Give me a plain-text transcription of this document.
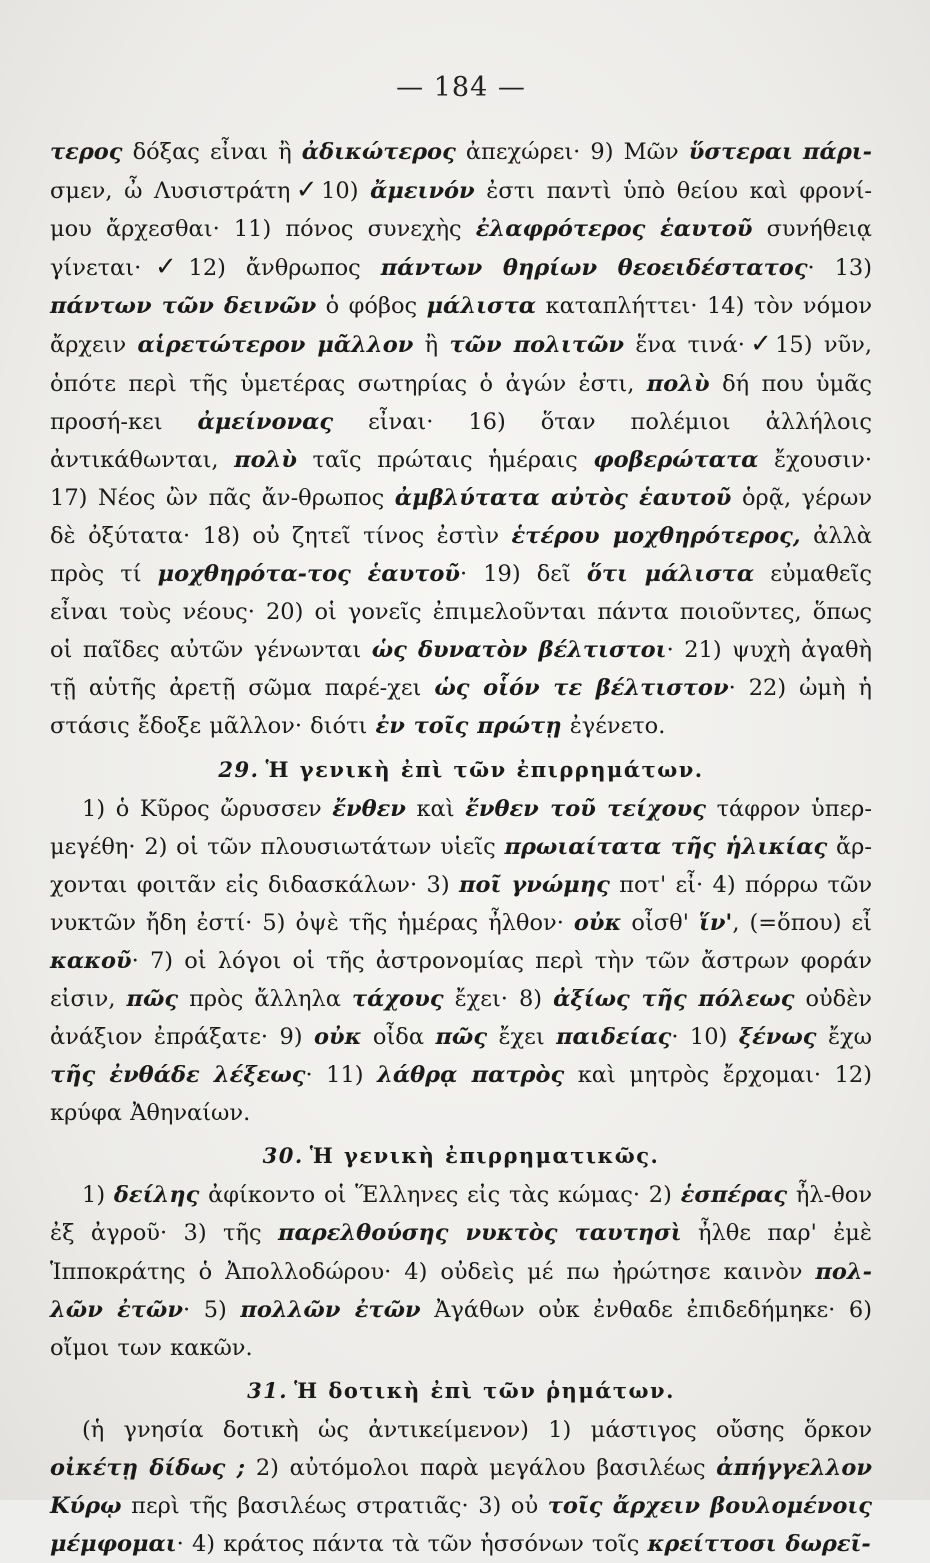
— 184 —

τερος δόξας εἶναι ἢ ἀδικώτερος ἀπεχώρει· 9) Μῶν ὕστεραι πάρι- σμεν, ὦ Λυσιστράτη✓10) ἄμεινόν ἐστι παντὶ ὑπὸ θείου καὶ φρονί-μου ἄρχεσθαι· 11) πόνος συνεχὴς ἐλαφρότερος ἑαυτοῦ συνήθειᾳ γίνεται·✓12) ἄνθρωπος πάντων θηρίων θεοειδέστατος· 13) πάντων τῶν δεινῶν ὁ φόβος μάλιστα καταπλήττει· 14) τὸν νόμον ἄρχειν αἱρετώτερον μᾶλλον ἢ τῶν πολιτῶν ἕνα τινά·✓15) νῦν, ὁπότε περὶ τῆς ὑμετέρας σωτηρίας ὁ ἀγών ἐστι, πολὺ δή που ὑμᾶς προσή-κει ἀμείνονας εἶναι· 16) ὅταν πολέμιοι ἀλλήλοις ἀντικάθωνται, πολὺ ταῖς πρώταις ἡμέραις φοβερώτατα ἔχουσιν· 17) Νέος ὢν πᾶς ἄν-θρωπος ἀμβλύτατα αὐτὸς ἑαυτοῦ ὁρᾷ, γέρων δὲ ὀξύτατα· 18) οὐ ζητεῖ τίνος ἐστὶν ἑτέρου μοχθηρότερος, ἀλλὰ πρὸς τί μοχθηρότα-τος ἑαυτοῦ· 19) δεῖ ὅτι μάλιστα εὐμαθεῖς εἶναι τοὺς νέους· 20) οἱ γονεῖς ἐπιμελοῦνται πάντα ποιοῦντες, ὅπως οἱ παῖδες αὐτῶν γένωνται ὡς δυνατὸν βέλτιστοι· 21) ψυχὴ ἀγαθὴ τῇ αὑτῆς ἀρετῇ σῶμα παρέ-χει ὡς οἷόν τε βέλτιστον· 22) ὠμὴ ἡ στάσις ἔδοξε μᾶλλον· διότι ἐν τοῖς πρώτῃ ἐγένετο.

29. Ἡ γενικὴ ἐπὶ τῶν ἐπιρρημάτων.

1) ὁ Κῦρος ὤρυσσεν ἔνθεν καὶ ἔνθεν τοῦ τείχους τάφρον ὑπερ-μεγέθη· 2) οἱ τῶν πλουσιωτάτων υἱεῖς πρωιαίτατα τῆς ἡλικίας ἄρ-χονται φοιτᾶν εἰς διδασκάλων· 3) ποῖ γνώμης ποτ' εἶ· 4) πόρρω τῶν νυκτῶν ἤδη ἐστί· 5) ὀψὲ τῆς ἡμέρας ἦλθον· οὐκ οἶσθ' ἵν', (=ὅπου) εἶ κακοῦ· 7) οἱ λόγοι οἱ τῆς ἀστρονομίας περὶ τὴν τῶν ἄστρων φοράν εἰσιν, πῶς πρὸς ἄλληλα τάχους ἔχει· 8) ἀξίως τῆς πόλεως οὐδὲν ἀνάξιον ἐπράξατε· 9) οὐκ οἶδα πῶς ἔχει παιδείας· 10) ξένως ἔχω τῆς ἐνθάδε λέξεως· 11) λάθρᾳ πατρὸς καὶ μητρὸς ἔρχομαι· 12) κρύφα Ἀθηναίων.

30. Ἡ γενικὴ ἐπιρρηματικῶς.

1) δείλης ἀφίκοντο οἱ Ἕλληνες εἰς τὰς κώμας· 2) ἑσπέρας ἦλ-θον ἐξ ἀγροῦ· 3) τῆς παρελθούσης νυκτὸς ταυτησὶ ἦλθε παρ' ἐμὲ Ἱπποκράτης ὁ Ἀπολλοδώρου· 4) οὐδεὶς μέ πω ἠρώτησε καινὸν πολ-λῶν ἐτῶν· 5) πολλῶν ἐτῶν Ἀγάθων οὐκ ἐνθαδε ἐπιδεδήμηκε· 6) οἴμοι των κακῶν.

31. Ἡ δοτικὴ ἐπὶ τῶν ῥημάτων.

(ἡ γνησία δοτικὴ ὡς ἀντικείμενον) 1) μάστιγος οὔσης ὅρκον οἰκέτῃ δίδως ; 2) αὐτόμολοι παρὰ μεγάλου βασιλέως ἀπήγγελλον Κύρῳ περὶ τῆς βασιλέως στρατιᾶς· 3) οὐ τοῖς ἄρχειν βουλομένοις μέμφομαι· 4) κράτος πάντα τὰ τῶν ἡσσόνων τοῖς κρείττοσι δωρεῖ-
